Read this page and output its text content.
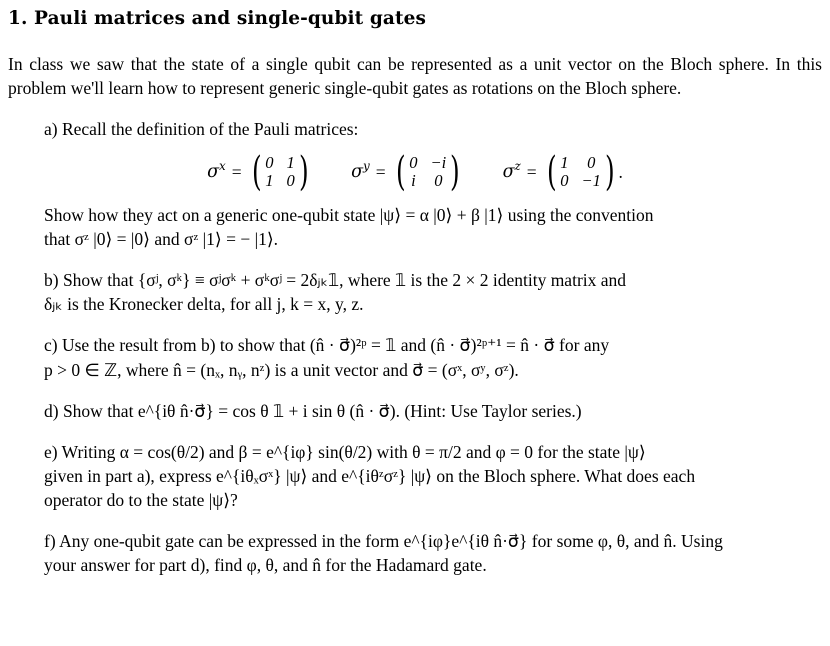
1. Pauli matrices and single-qubit gates
In class we saw that the state of a single qubit can be represented as a unit vector on the Bloch sphere. In this problem we'll learn how to represent generic single-qubit gates as rotations on the Bloch sphere.
a) Recall the definition of the Pauli matrices:
$\sigma^x$ = ( 0 1
1 0 )
$\sigma^y$ = ( 0 −i
i 0 )
$\sigma^z$ = ( 1	0
0 −1 ) .
Show how they act on a generic one-qubit state |ψ⟩ = α |0⟩ + β |1⟩ using the convention
that σᶻ |0⟩ = |0⟩ and σᶻ |1⟩ = − |1⟩.
b) Show that {σʲ, σᵏ} ≡ σʲσᵏ + σᵏσʲ = 2δⱼₖ𝟙, where 𝟙 is the 2 × 2 identity matrix and
δⱼₖ is the Kronecker delta, for all j, k = x, y, z.
c) Use the result from b) to show that (n̂ · σ⃗)²ᵖ = 𝟙 and (n̂ · σ⃗)²ᵖ⁺¹ = n̂ · σ⃗ for any
p > 0 ∈ ℤ, where n̂ = (nₓ, nᵧ, nᶻ) is a unit vector and σ⃗ = (σˣ, σʸ, σᶻ).
d) Show that e^{iθ n̂·σ⃗} = cos θ 𝟙 + i sin θ (n̂ · σ⃗). (Hint: Use Taylor series.)
e) Writing α = cos(θ/2) and β = e^{iφ} sin(θ/2) with θ = π/2 and φ = 0 for the state |ψ⟩
given in part a), express e^{iθₓσˣ} |ψ⟩ and e^{iθᶻσᶻ} |ψ⟩ on the Bloch sphere. What does each
operator do to the state |ψ⟩?
f) Any one-qubit gate can be expressed in the form e^{iφ}e^{iθ n̂·σ⃗} for some φ, θ, and n̂. Using
your answer for part d), find φ, θ, and n̂ for the Hadamard gate.
